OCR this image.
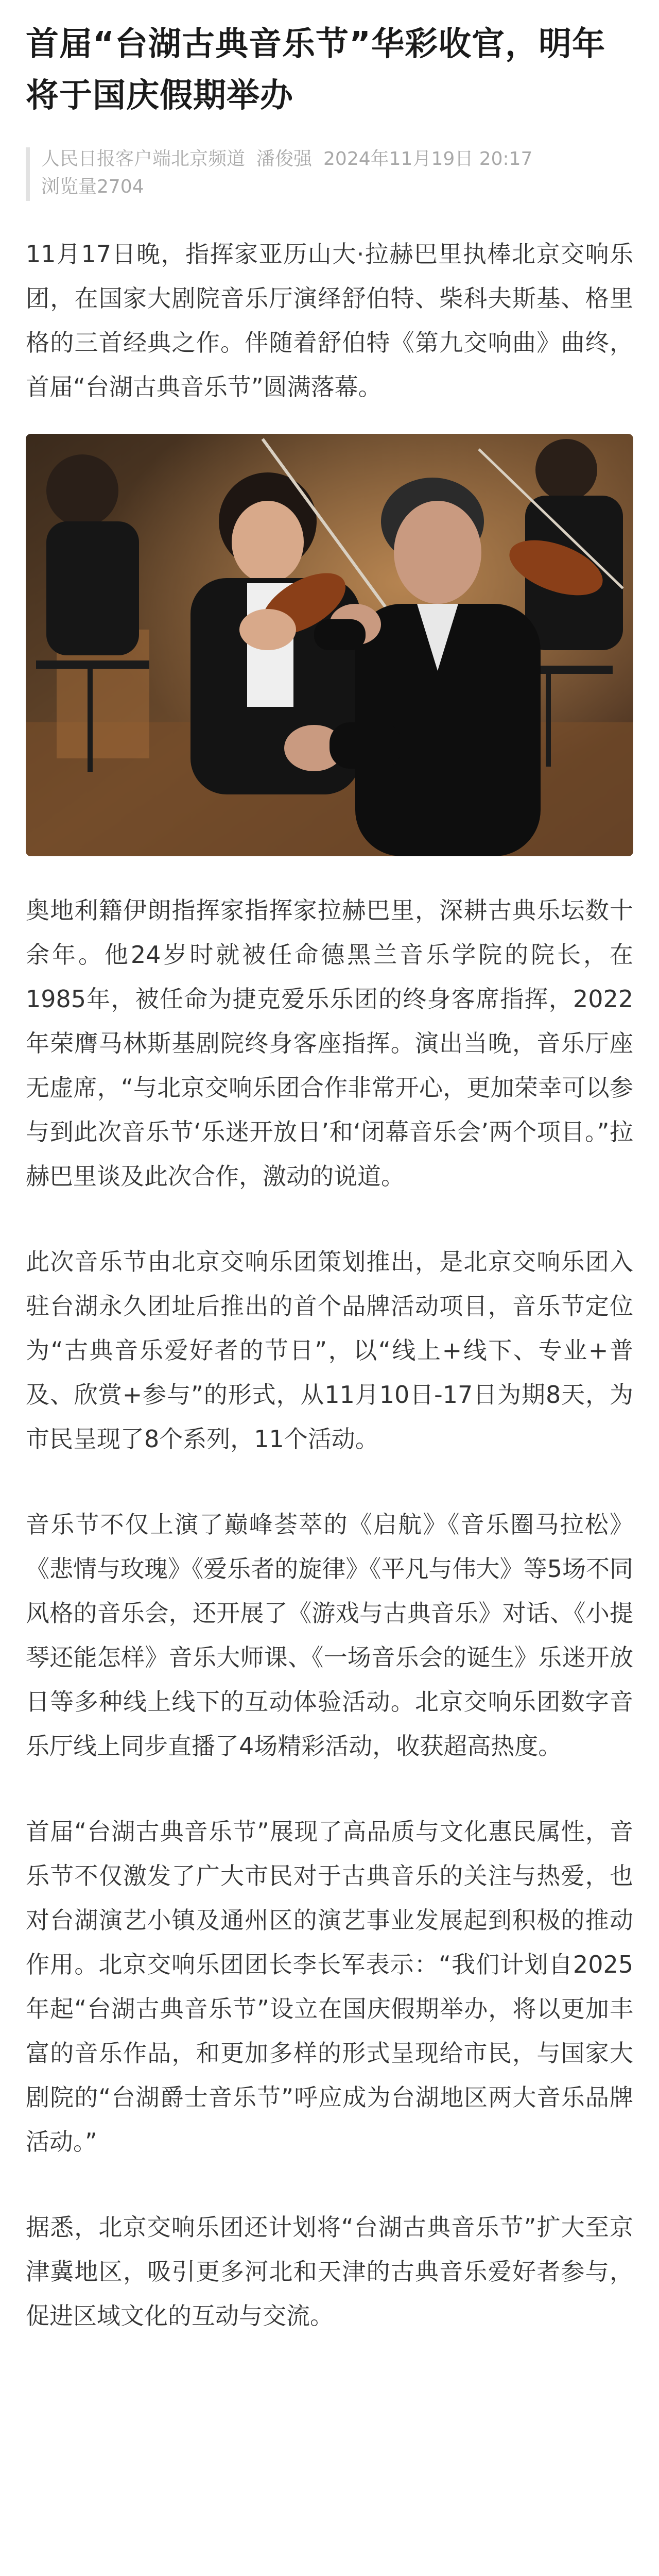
首届“台湖古典音乐节”华彩收官，明年将于国庆假期举办
人民日报客户端北京频道 潘俊强 2024年11月19日 20:17
浏览量2704

11月17日晚，指挥家亚历山大·拉赫巴里执棒北京交响乐团，在国家大剧院音乐厅演绎舒伯特、柴科夫斯基、格里格的三首经典之作。伴随着舒伯特《第九交响曲》曲终，首届“台湖古典音乐节”圆满落幕。

奥地利籍伊朗指挥家指挥家拉赫巴里，深耕古典乐坛数十余年。他24岁时就被任命德黑兰音乐学院的院长，在1985年，被任命为捷克爱乐乐团的终身客席指挥，2022年荣膺马林斯基剧院终身客座指挥。演出当晚，音乐厅座无虚席，“与北京交响乐团合作非常开心，更加荣幸可以参与到此次音乐节‘乐迷开放日’和‘闭幕音乐会’两个项目。”拉赫巴里谈及此次合作，激动的说道。

此次音乐节由北京交响乐团策划推出，是北京交响乐团入驻台湖永久团址后推出的首个品牌活动项目，音乐节定位为“古典音乐爱好者的节日”，以“线上+线下、专业+普及、欣赏+参与”的形式，从11月10日-17日为期8天，为市民呈现了8个系列，11个活动。

音乐节不仅上演了巅峰荟萃的《启航》《音乐圈马拉松》《悲情与玫瑰》《爱乐者的旋律》《平凡与伟大》等5场不同风格的音乐会，还开展了《游戏与古典音乐》对话、《小提琴还能怎样》音乐大师课、《一场音乐会的诞生》乐迷开放日等多种线上线下的互动体验活动。北京交响乐团数字音乐厅线上同步直播了4场精彩活动，收获超高热度。

首届“台湖古典音乐节”展现了高品质与文化惠民属性，音乐节不仅激发了广大市民对于古典音乐的关注与热爱，也对台湖演艺小镇及通州区的演艺事业发展起到积极的推动作用。北京交响乐团团长李长军表示：“我们计划自2025年起“台湖古典音乐节”设立在国庆假期举办，将以更加丰富的音乐作品，和更加多样的形式呈现给市民，与国家大剧院的“台湖爵士音乐节”呼应成为台湖地区两大音乐品牌活动。”

据悉，北京交响乐团还计划将“台湖古典音乐节”扩大至京津冀地区，吸引更多河北和天津的古典音乐爱好者参与，促进区域文化的互动与交流。
